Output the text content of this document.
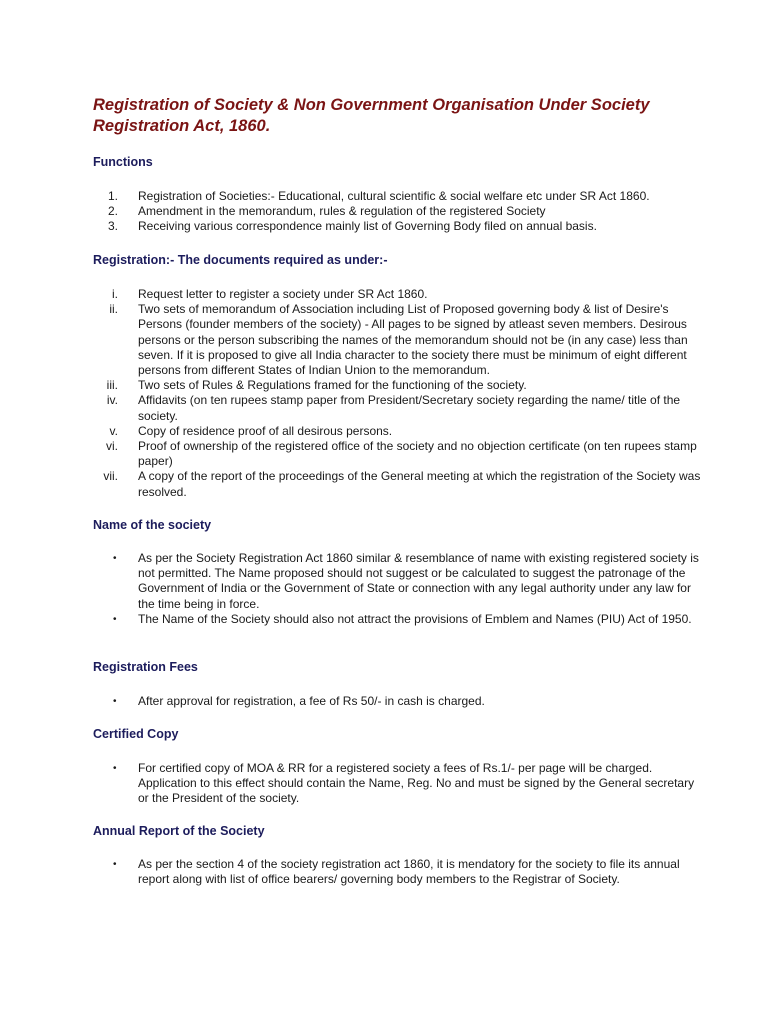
Registration of Society & Non Government Organisation Under Society Registration Act, 1860.

Functions

1. Registration of Societies:- Educational, cultural scientific & social welfare etc under SR Act 1860.
2. Amendment in the memorandum, rules & regulation of the registered Society
3. Receiving various correspondence mainly list of Governing Body filed on annual basis.

Registration:- The documents required as under:-

i. Request letter to register a society under SR Act 1860.
ii. Two sets of memorandum of Association including List of Proposed governing body & list of Desire's Persons (founder members of the society) - All pages to be signed by atleast seven members. Desirous persons or the person subscribing the names of the memorandum should not be (in any case) less than seven. If it is proposed to give all India character to the society there must be minimum of eight different persons from different States of Indian Union to the memorandum.
iii. Two sets of Rules & Regulations framed for the functioning of the society.
iv. Affidavits (on ten rupees stamp paper from President/Secretary society regarding the name/ title of the society.
v. Copy of residence proof of all desirous persons.
vi. Proof of ownership of the registered office of the society and no objection certificate (on ten rupees stamp paper)
vii. A copy of the report of the proceedings of the General meeting at which the registration of the Society was resolved.

Name of the society

• As per the Society Registration Act 1860 similar & resemblance of name with existing registered society is not permitted. The Name proposed should not suggest or be calculated to suggest the patronage of the Government of India or the Government of State or connection with any legal authority under any law for the time being in force.
• The Name of the Society should also not attract the provisions of Emblem and Names (PIU) Act of 1950.

Registration Fees

• After approval for registration, a fee of Rs 50/- in cash is charged.

Certified Copy

• For certified copy of MOA & RR for a registered society a fees of Rs.1/- per page will be charged. Application to this effect should contain the Name, Reg. No and must be signed by the General secretary or the President of the society.

Annual Report of the Society

• As per the section 4 of the society registration act 1860, it is mendatory for the society to file its annual report along with list of office bearers/ governing body members to the Registrar of Society.
